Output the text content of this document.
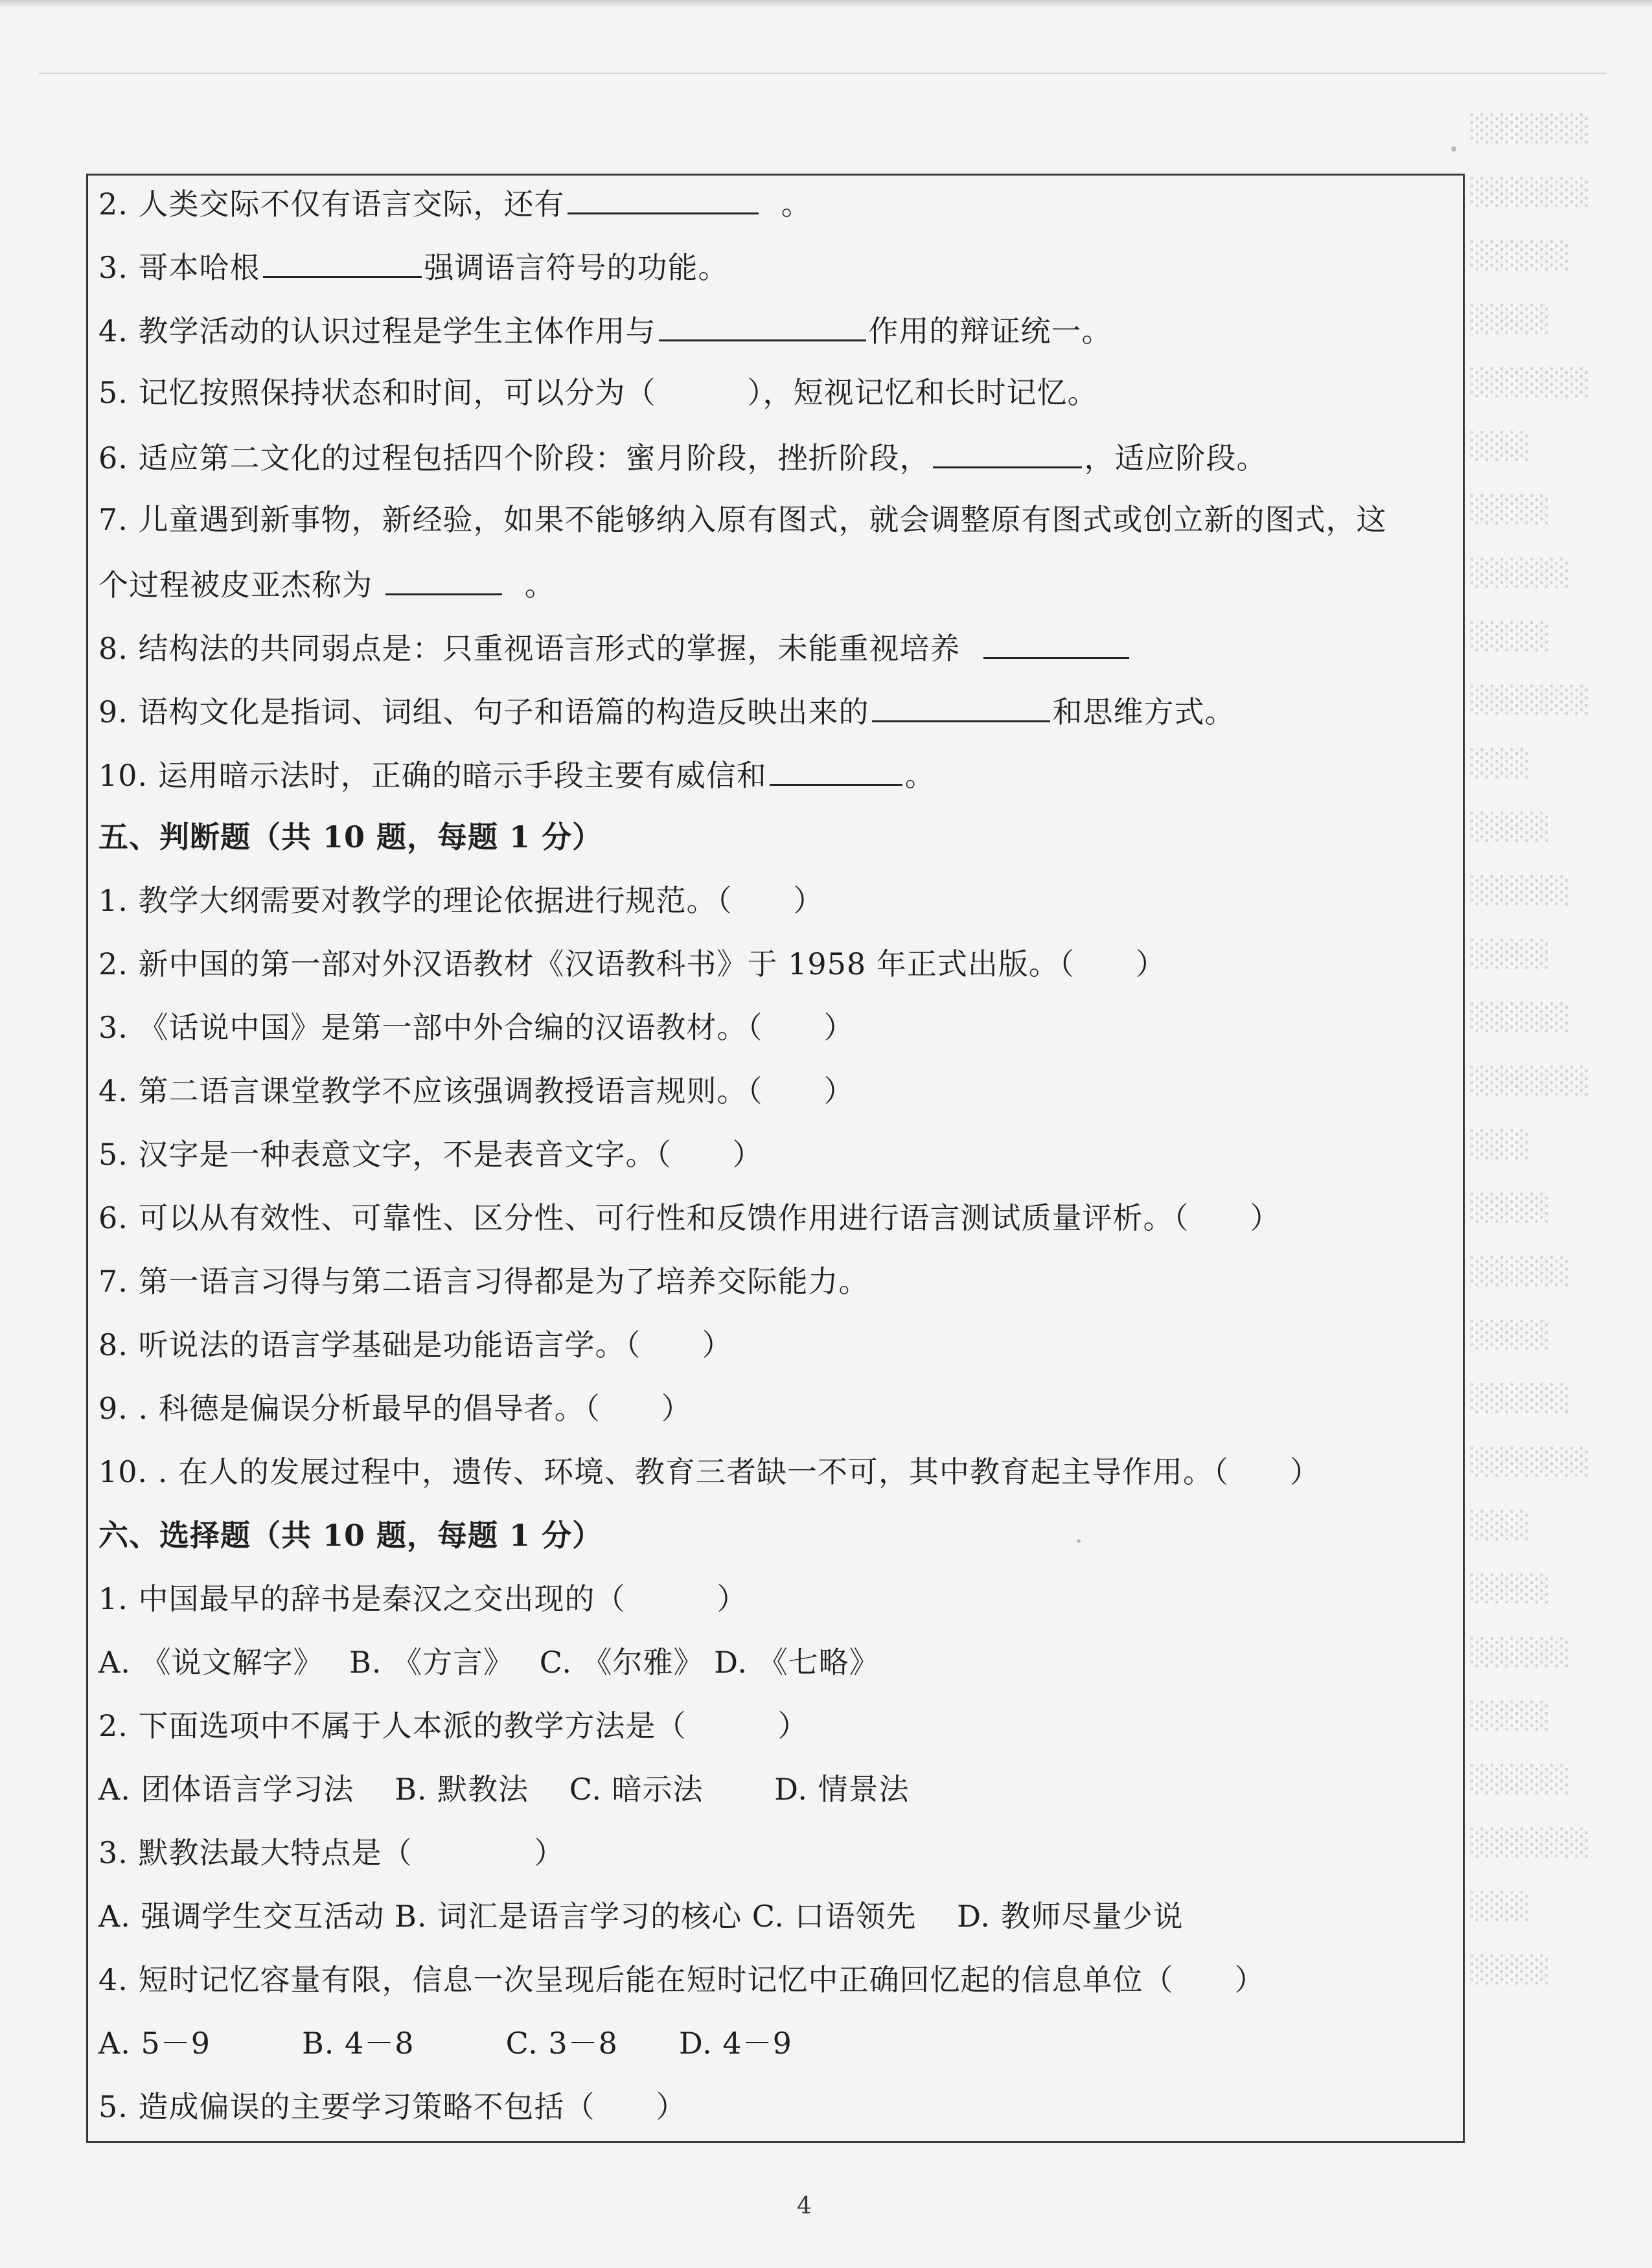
░░░░░░
░░░░░░
░░░░░
░░░░
░░░░░░
░░░
░░░░
░░░░░
░░░░
░░░░░░
░░░
░░░░
░░░░░
░░░░
░░░░░
░░░░░░
░░░
░░░░
░░░░░
░░░░
░░░░░
░░░░░░
░░░
░░░░
░░░░░
░░░░
░░░░░
░░░░░░
░░░
░░░░
2. 人类交际不仅有语言交际，还有	。
3. 哥本哈根	强调语言符号的功能。
4. 教学活动的认识过程是学生主体作用与	作用的辩证统一。
5. 记忆按照保持状态和时间，可以分为（　　　），短视记忆和长时记忆。
6. 适应第二文化的过程包括四个阶段：蜜月阶段，挫折阶段，	，适应阶段。
7. 儿童遇到新事物，新经验，如果不能够纳入原有图式，就会调整原有图式或创立新的图式，这
个过程被皮亚杰称为	。
8. 结构法的共同弱点是：只重视语言形式的掌握，未能重视培养
9. 语构文化是指词、词组、句子和语篇的构造反映出来的	和思维方式。
10. 运用暗示法时，正确的暗示手段主要有威信和	。
五、判断题（共 10 题，每题 1 分）
1. 教学大纲需要对教学的理论依据进行规范。（　　）
2. 新中国的第一部对外汉语教材《汉语教科书》于 1958 年正式出版。（　　）
3. 《话说中国》是第一部中外合编的汉语教材。（　　）
4. 第二语言课堂教学不应该强调教授语言规则。（　　）
5. 汉字是一种表意文字，不是表音文字。（　　）
6. 可以从有效性、可靠性、区分性、可行性和反馈作用进行语言测试质量评析。（　　）
7. 第一语言习得与第二语言习得都是为了培养交际能力。
8. 听说法的语言学基础是功能语言学。（　　）
9. . 科德是偏误分析最早的倡导者。（　　）
10. . 在人的发展过程中，遗传、环境、教育三者缺一不可，其中教育起主导作用。（　　）
六、选择题（共 10 题，每题 1 分）
1. 中国最早的辞书是秦汉之交出现的（　　　）
A. 《说文解字》　 B. 《方言》　 C. 《尔雅》 D. 《七略》
2. 下面选项中不属于人本派的教学方法是（　　　）
A. 团体语言学习法　 B. 默教法　 C. 暗示法　　 D. 情景法
3. 默教法最大特点是（　　　　）
A. 强调学生交互活动 B. 词汇是语言学习的核心 C. 口语领先　 D. 教师尽量少说
4. 短时记忆容量有限，信息一次呈现后能在短时记忆中正确回忆起的信息单位（　　）
A. 5－9　　　B. 4－8　　　C. 3－8　　D. 4－9
5. 造成偏误的主要学习策略不包括（　　）
4
